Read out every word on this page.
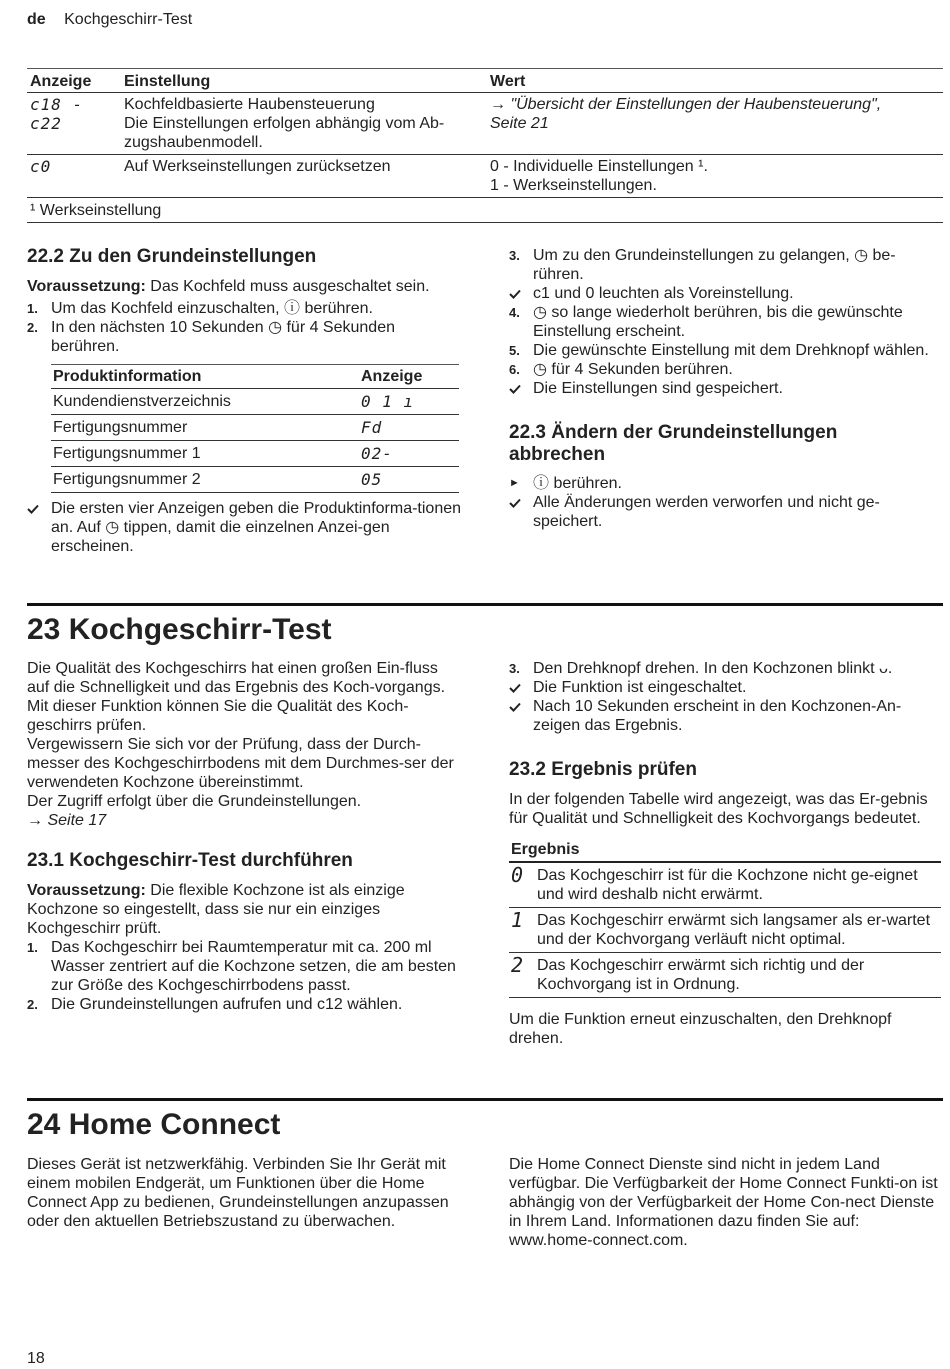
de Kochgeschirr-Test
Anzeige	Einstellung	Wert
c18 - c22	Kochfeldbasierte Haubensteuerung
Die Einstellungen erfolgen abhängig vom Ab-
zugshaubenmodell.	→ "Übersicht der Einstellungen der Haubensteuerung",
Seite 21
c0	Auf Werkseinstellungen zurücksetzen	0 - Individuelle Einstellungen ¹.
1 - Werkseinstellungen.
¹ Werkseinstellung		
22.2 Zu den Grundeinstellungen
Voraussetzung: Das Kochfeld muss ausgeschaltet sein.
1. Um das Kochfeld einzuschalten, ⓘ berühren.
2. In den nächsten 10 Sekunden ◷ für 4 Sekunden berühren.
Produktinformation	Anzeige
Kundendienstverzeichnis	0 1 ı
Fertigungsnummer	Fd
Fertigungsnummer 1	02-
Fertigungsnummer 2	05
Die ersten vier Anzeigen geben die Produktinforma-tionen an. Auf ◷ tippen, damit die einzelnen Anzei-gen erscheinen.
3. Um zu den Grundeinstellungen zu gelangen, ◷ be-rühren.
c1 und 0 leuchten als Voreinstellung.
4. ◷ so lange wiederholt berühren, bis die gewünschte Einstellung erscheint.
5. Die gewünschte Einstellung mit dem Drehknopf wählen.
6. ◷ für 4 Sekunden berühren.
Die Einstellungen sind gespeichert.
22.3 Ändern der Grundeinstellungen abbrechen
► ⓘ berühren.
Alle Änderungen werden verworfen und nicht ge-speichert.
23 Kochgeschirr-Test
Die Qualität des Kochgeschirrs hat einen großen Ein-fluss auf die Schnelligkeit und das Ergebnis des Koch-vorgangs.
Mit dieser Funktion können Sie die Qualität des Koch-geschirrs prüfen.
Vergewissern Sie sich vor der Prüfung, dass der Durch-messer des Kochgeschirrbodens mit dem Durchmes-ser der verwendeten Kochzone übereinstimmt.
Der Zugriff erfolgt über die Grundeinstellungen.
→ Seite 17
23.1 Kochgeschirr-Test durchführen
Voraussetzung: Die flexible Kochzone ist als einzige Kochzone so eingestellt, dass sie nur ein einziges Kochgeschirr prüft.
1. Das Kochgeschirr bei Raumtemperatur mit ca. 200 ml Wasser zentriert auf die Kochzone setzen, die am besten zur Größe des Kochgeschirrbodens passt.
2. Die Grundeinstellungen aufrufen und c12 wählen.
3. Den Drehknopf drehen. In den Kochzonen blinkt ᴗ.
Die Funktion ist eingeschaltet.
Nach 10 Sekunden erscheint in den Kochzonen-An-zeigen das Ergebnis.
23.2 Ergebnis prüfen
In der folgenden Tabelle wird angezeigt, was das Er-gebnis für Qualität und Schnelligkeit des Kochvorgangs bedeutet.
Ergebnis	
0	Das Kochgeschirr ist für die Kochzone nicht ge-eignet und wird deshalb nicht erwärmt.
1	Das Kochgeschirr erwärmt sich langsamer als er-wartet und der Kochvorgang verläuft nicht optimal.
2	Das Kochgeschirr erwärmt sich richtig und der Kochvorgang ist in Ordnung.
Um die Funktion erneut einzuschalten, den Drehknopf drehen.
24 Home Connect
Dieses Gerät ist netzwerkfähig. Verbinden Sie Ihr Gerät mit einem mobilen Endgerät, um Funktionen über die Home Connect App zu bedienen, Grundeinstellungen anzupassen oder den aktuellen Betriebszustand zu überwachen.
Die Home Connect Dienste sind nicht in jedem Land verfügbar. Die Verfügbarkeit der Home Connect Funkti-on ist abhängig von der Verfügbarkeit der Home Con-nect Dienste in Ihrem Land. Informationen dazu finden Sie auf: www.home-connect.com.
18
